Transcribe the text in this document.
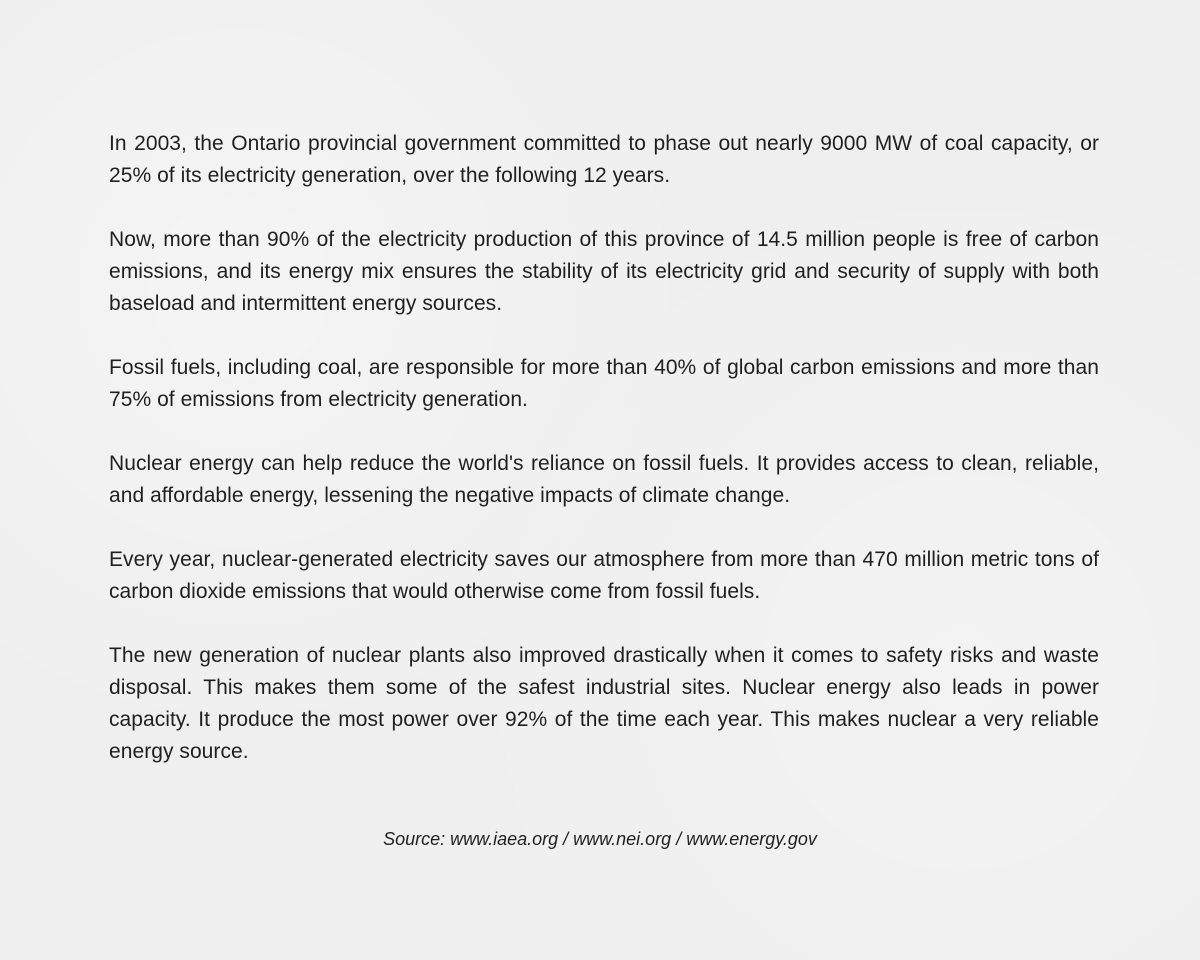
In 2003, the Ontario provincial government committed to phase out nearly 9000 MW of coal capacity, or 25% of its electricity generation, over the following 12 years.

Now, more than 90% of the electricity production of this province of 14.5 million people is free of carbon emissions, and its energy mix ensures the stability of its electricity grid and security of supply with both baseload and intermittent energy sources.

Fossil fuels, including coal, are responsible for more than 40% of global carbon emissions and more than 75% of emissions from electricity generation.

Nuclear energy can help reduce the world's reliance on fossil fuels. It provides access to clean, reliable, and affordable energy, lessening the negative impacts of climate change.

Every year, nuclear-generated electricity saves our atmosphere from more than 470 million metric tons of carbon dioxide emissions that would otherwise come from fossil fuels.

The new generation of nuclear plants also improved drastically when it comes to safety risks and waste disposal. This makes them some of the safest industrial sites. Nuclear energy also leads in power capacity. It produce the most power over 92% of the time each year. This makes nuclear a very reliable energy source.

Source: www.iaea.org / www.nei.org / www.energy.gov
